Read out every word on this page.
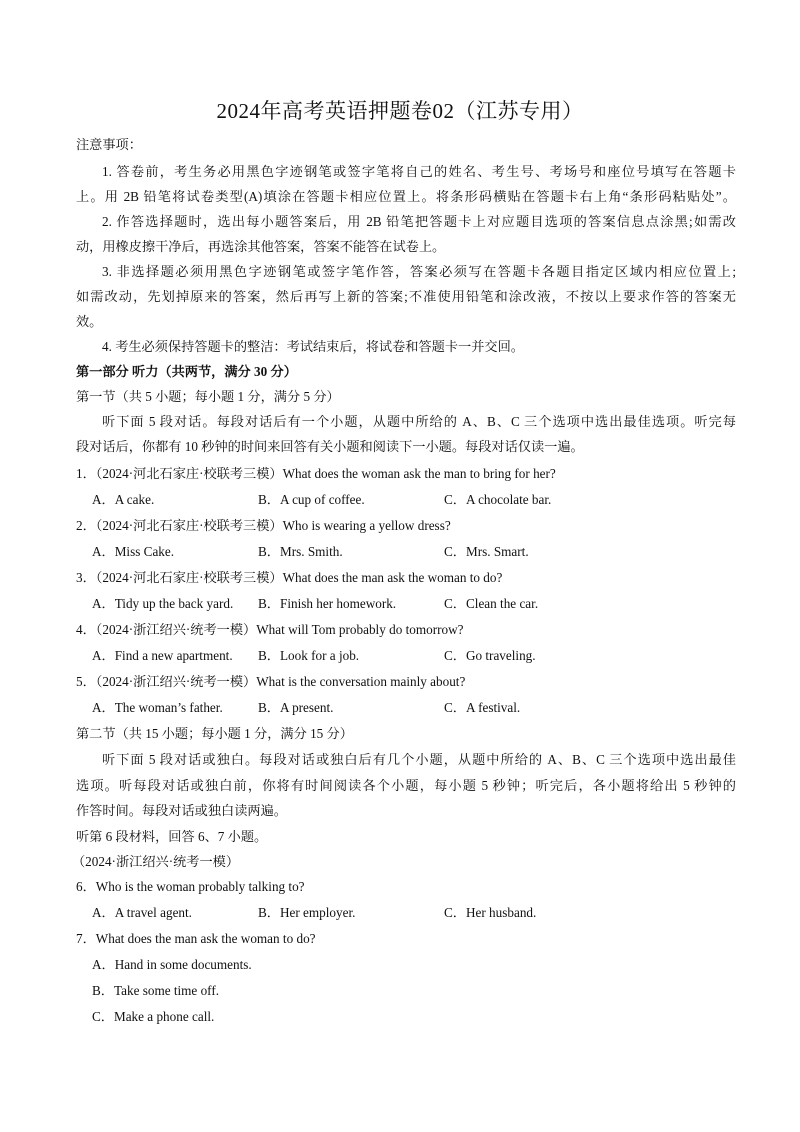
2024年高考英语押题卷02（江苏专用）
注意事项：
1. 答卷前，考生务必用黑色字迹钢笔或签字笔将自己的姓名、考生号、考场号和座位号填写在答题卡
上。用 2B 铅笔将试卷类型(A)填涂在答题卡相应位置上。将条形码横贴在答题卡右上角“条形码粘贴处”。
2. 作答选择题时，选出每小题答案后，用 2B 铅笔把答题卡上对应题目选项的答案信息点涂黑;如需改
动，用橡皮擦干净后，再选涂其他答案，答案不能答在试卷上。
3. 非选择题必须用黑色字迹钢笔或签字笔作答，答案必须写在答题卡各题目指定区域内相应位置上;
如需改动，先划掉原来的答案，然后再写上新的答案;不准使用铅笔和涂改液，不按以上要求作答的答案无
效。
4. 考生必须保持答题卡的整洁：考试结束后，将试卷和答题卡一并交回。
第一部分 听力（共两节，满分 30 分）
第一节（共 5 小题；每小题 1 分，满分 5 分）
听下面 5 段对话。每段对话后有一个小题，从题中所给的 A、B、C 三个选项中选出最佳选项。听完每
段对话后，你都有 10 秒钟的时间来回答有关小题和阅读下一小题。每段对话仅读一遍。
1．（2024·河北石家庄·校联考三模）What does the woman ask the man to bring for her?
A．A cake.	B．A cup of coffee.	C．A chocolate bar.
2．（2024·河北石家庄·校联考三模）Who is wearing a yellow dress?
A．Miss Cake.	B．Mrs. Smith.	C．Mrs. Smart.
3．（2024·河北石家庄·校联考三模）What does the man ask the woman to do?
A．Tidy up the back yard. B．Finish her homework.	C．Clean the car.
4．（2024·浙江绍兴·统考一模）What will Tom probably do tomorrow?
A．Find a new apartment. B．Look for a job.	C．Go traveling.
5．（2024·浙江绍兴·统考一模）What is the conversation mainly about?
A．The woman’s father.	B．A present.	C．A festival.
第二节（共 15 小题；每小题 1 分，满分 15 分）
听下面 5 段对话或独白。每段对话或独白后有几个小题，从题中所给的 A、B、C 三个选项中选出最佳
选项。听每段对话或独白前，你将有时间阅读各个小题，每小题 5 秒钟；听完后，各小题将给出 5 秒钟的
作答时间。每段对话或独白读两遍。
听第 6 段材料，回答 6、7 小题。
（2024·浙江绍兴·统考一模）
6．Who is the woman probably talking to?
A．A travel agent.	B．Her employer.	C．Her husband.
7．What does the man ask the woman to do?
A．Hand in some documents.
B．Take some time off.
C．Make a phone call.
